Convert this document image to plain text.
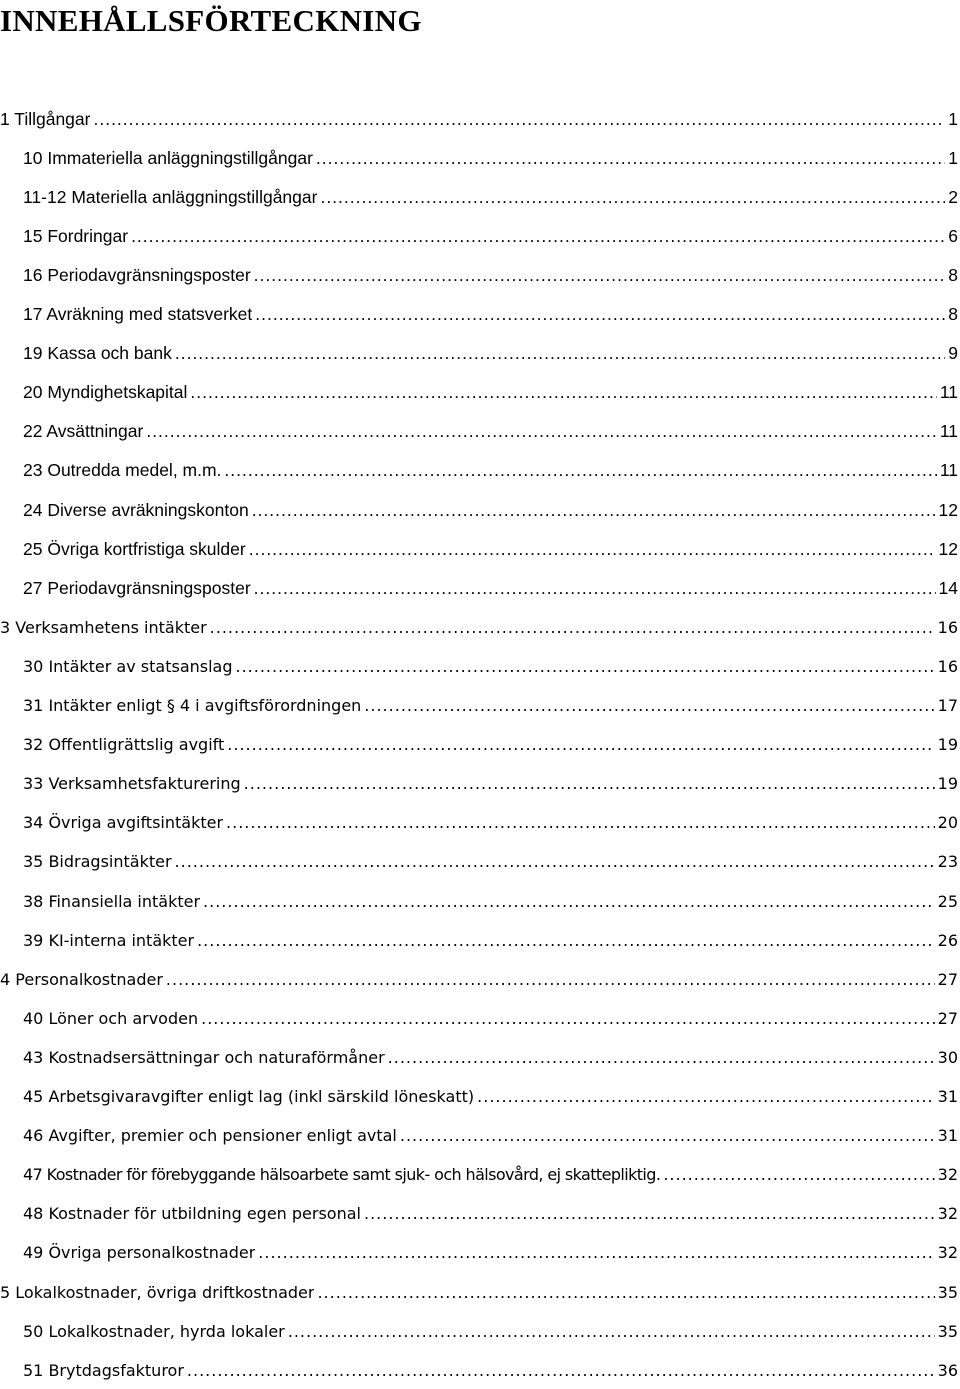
INNEHÅLLSFÖRTECKNING
1 Tillgångar .....	1
10 Immateriella anläggningstillgångar .....	1
11-12 Materiella anläggningstillgångar .....	2
15 Fordringar .....	6
16 Periodavgränsningsposter .....	8
17 Avräkning med statsverket .....	8
19 Kassa och bank .....	9
20 Myndighetskapital .....	11
22 Avsättningar .....	11
23 Outredda medel, m.m. .....	11
24 Diverse avräkningskonton .....	12
25 Övriga kortfristiga skulder .....	12
27 Periodavgränsningsposter .....	14
3 Verksamhetens intäkter .....	16
30 Intäkter av statsanslag .....	16
31 Intäkter enligt § 4 i avgiftsförordningen .....	17
32 Offentligrättslig avgift .....	19
33 Verksamhetsfakturering .....	19
34 Övriga avgiftsintäkter .....	20
35 Bidragsintäkter .....	23
38 Finansiella intäkter .....	25
39 KI-interna intäkter .....	26
4 Personalkostnader .....	27
40 Löner och arvoden .....	27
43 Kostnadsersättningar och naturaförmåner .....	30
45 Arbetsgivaravgifter enligt lag (inkl särskild löneskatt) .....	31
46 Avgifter, premier och pensioner enligt avtal .....	31
47 Kostnader för förebyggande hälsoarbete samt sjuk- och hälsovård, ej skattepliktig. .....	32
48 Kostnader för utbildning egen personal .....	32
49 Övriga personalkostnader .....	32
5 Lokalkostnader, övriga driftkostnader .....	35
50 Lokalkostnader, hyrda lokaler .....	35
51 Brytdagsfakturor .....	36
